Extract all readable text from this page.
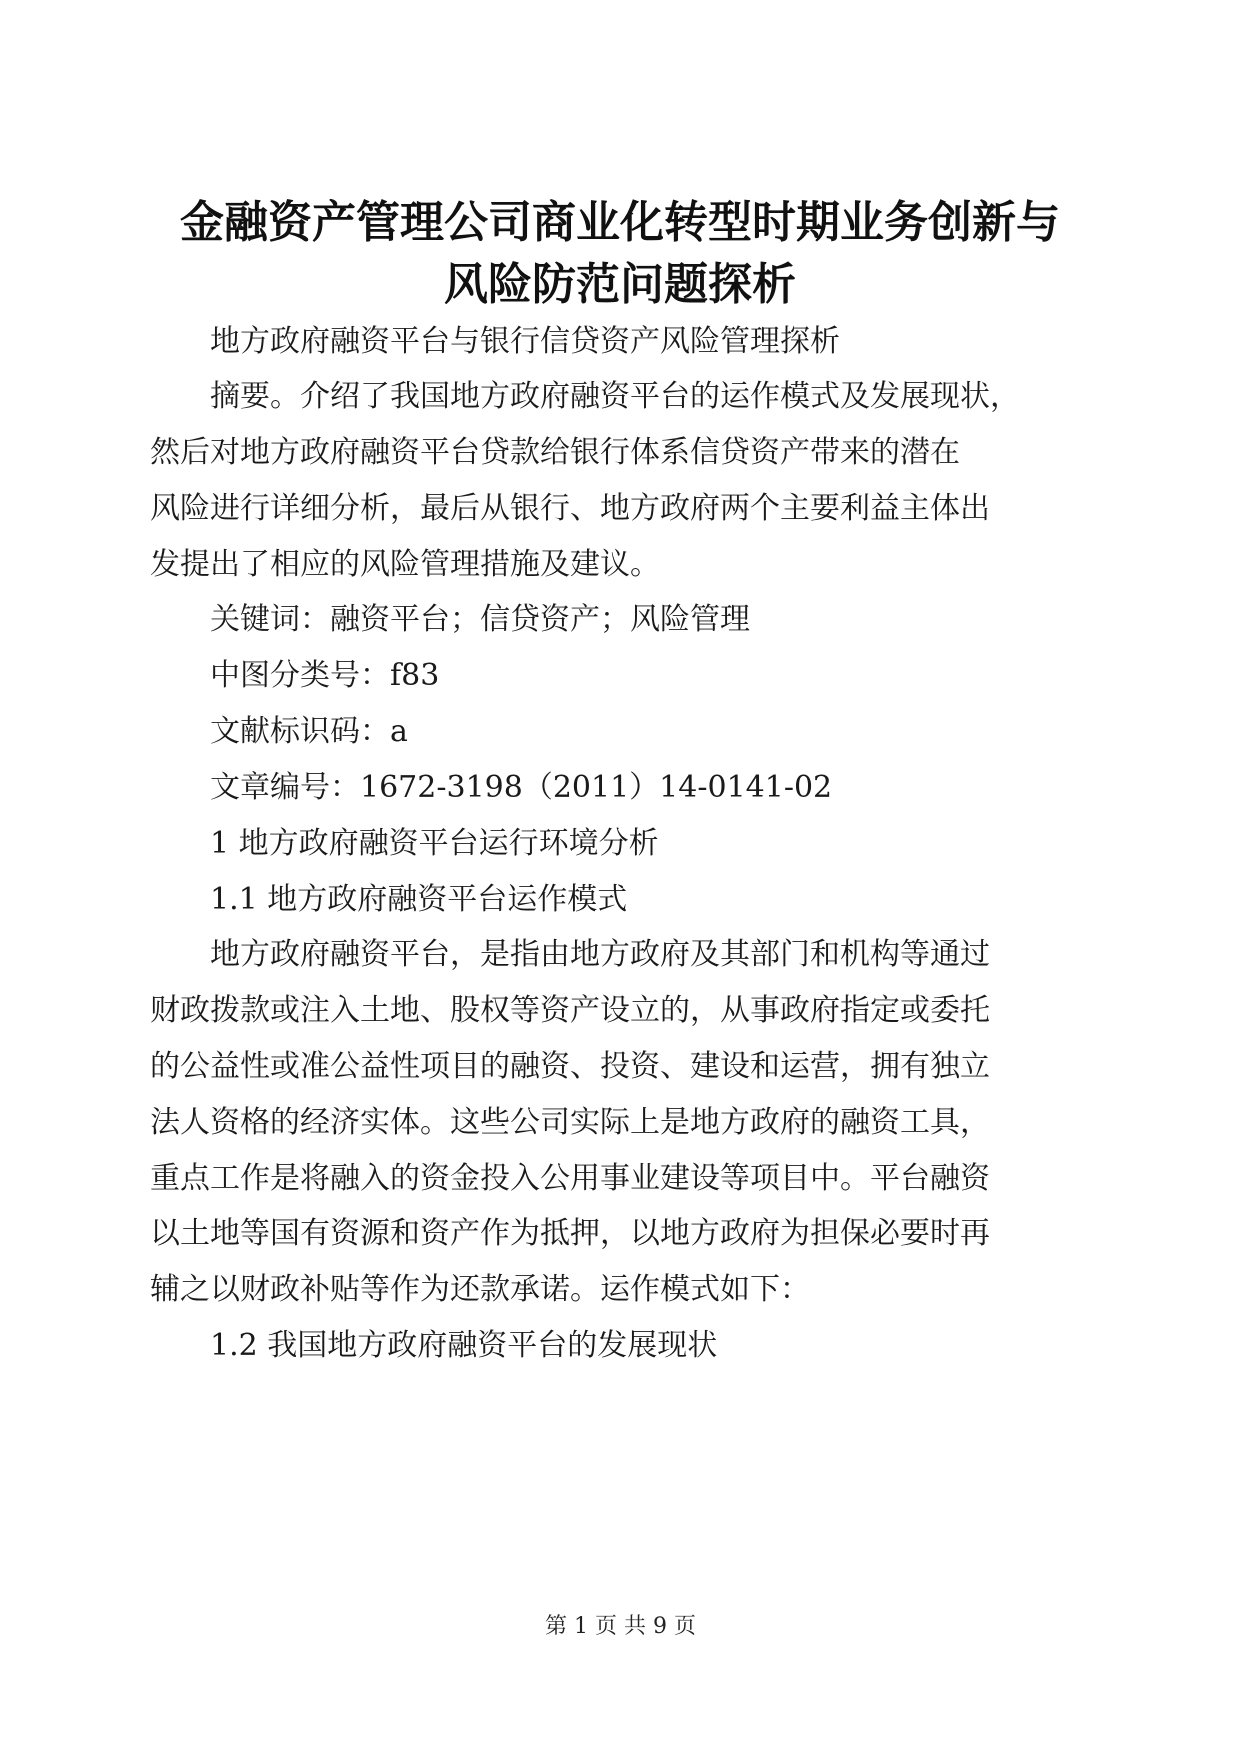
金融资产管理公司商业化转型时期业务创新与
风险防范问题探析
地方政府融资平台与银行信贷资产风险管理探析
摘要。介绍了我国地方政府融资平台的运作模式及发展现状，
然后对地方政府融资平台贷款给银行体系信贷资产带来的潜在
风险进行详细分析，最后从银行、地方政府两个主要利益主体出
发提出了相应的风险管理措施及建议。
关键词：融资平台；信贷资产；风险管理
中图分类号：f83
文献标识码：a
文章编号：1672-3198（2011）14-0141-02
1 地方政府融资平台运行环境分析
1.1 地方政府融资平台运作模式
地方政府融资平台，是指由地方政府及其部门和机构等通过
财政拨款或注入土地、股权等资产设立的，从事政府指定或委托
的公益性或准公益性项目的融资、投资、建设和运营，拥有独立
法人资格的经济实体。这些公司实际上是地方政府的融资工具，
重点工作是将融入的资金投入公用事业建设等项目中。平台融资
以土地等国有资源和资产作为抵押，以地方政府为担保必要时再
辅之以财政补贴等作为还款承诺。运作模式如下：
1.2 我国地方政府融资平台的发展现状
第 1 页 共 9 页
